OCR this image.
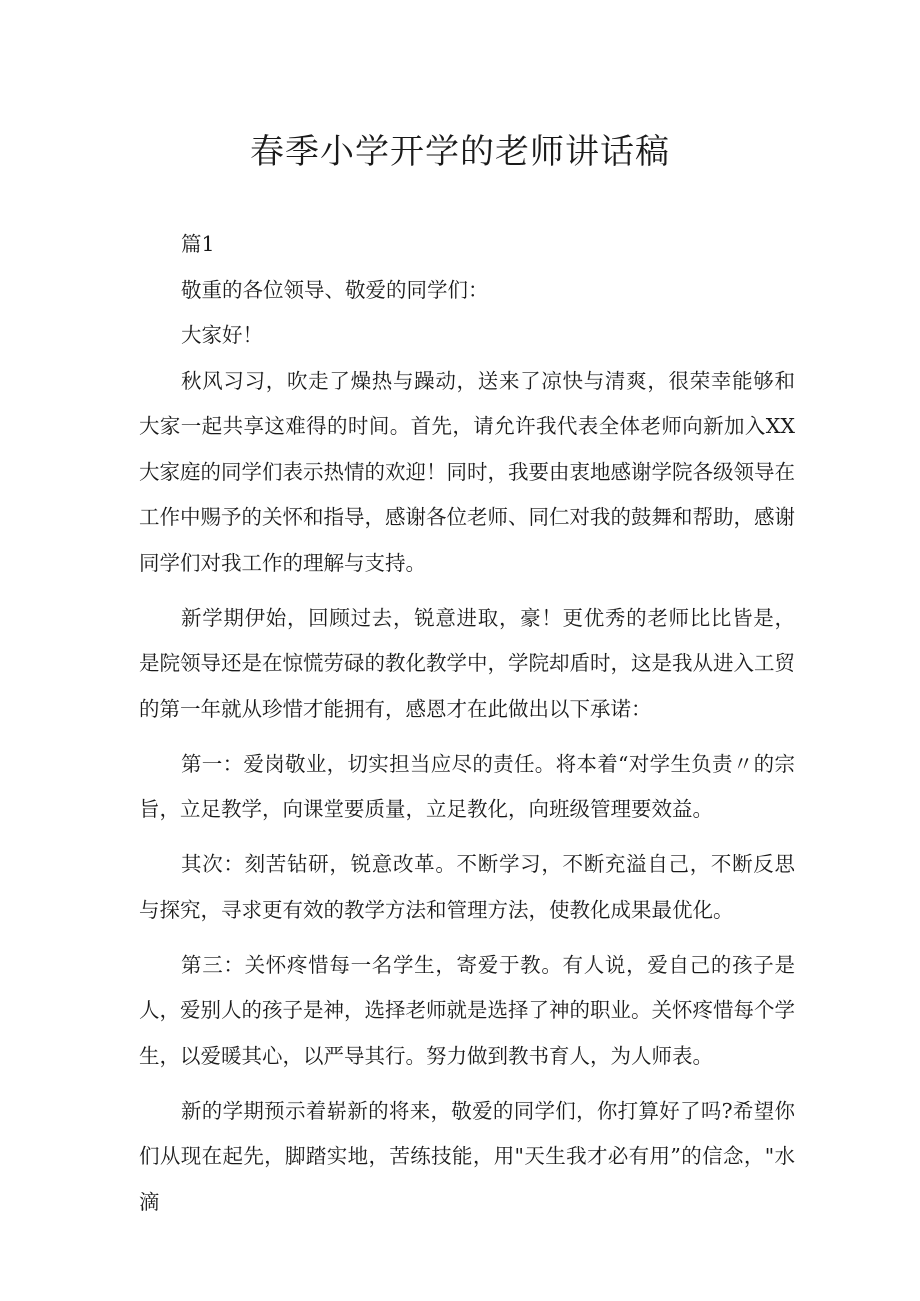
春季小学开学的老师讲话稿

篇1

敬重的各位领导、敬爱的同学们：

大家好！

秋风习习，吹走了燥热与躁动，送来了凉快与清爽，很荣幸能够和大家一起共享这难得的时间。首先，请允许我代表全体老师向新加入XX大家庭的同学们表示热情的欢迎！同时，我要由衷地感谢学院各级领导在工作中赐予的关怀和指导，感谢各位老师、同仁对我的鼓舞和帮助，感谢同学们对我工作的理解与支持。

新学期伊始，回顾过去，锐意进取，豪！更优秀的老师比比皆是，是院领导还是在惊慌劳碌的教化教学中，学院却盾时，这是我从进入工贸的第一年就从珍惜才能拥有，感恩才在此做出以下承诺：

第一：爱岗敬业，切实担当应尽的责任。将本着“对学生负责〃的宗旨，立足教学，向课堂要质量，立足教化，向班级管理要效益。

其次：刻苦钻研，锐意改革。不断学习，不断充溢自己，不断反思与探究，寻求更有效的教学方法和管理方法，使教化成果最优化。

第三：关怀疼惜每一名学生，寄爱于教。有人说，爱自己的孩子是人，爱别人的孩子是神，选择老师就是选择了神的职业。关怀疼惜每个学生，以爱暖其心，以严导其行。努力做到教书育人，为人师表。

新的学期预示着崭新的将来，敬爱的同学们，你打算好了吗?希望你们从现在起先，脚踏实地，苦练技能，用"天生我才必有用”的信念，"水滴
